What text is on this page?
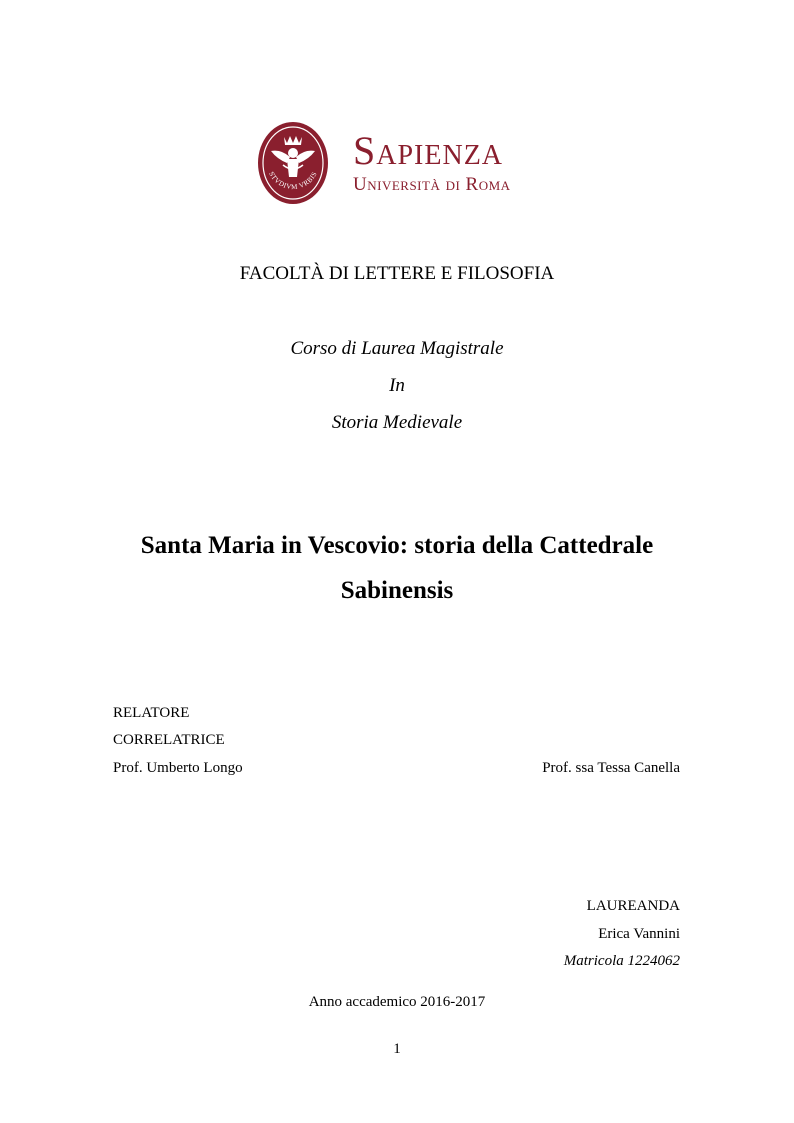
STVDIVM VRBIS
Sapienza
Università di Roma
FACOLTÀ DI LETTERE E FILOSOFIA
Corso di Laurea Magistrale
In
Storia Medievale
Santa Maria in Vescovio: storia della Cattedrale
Sabinensis
RELATORE
CORRELATRICE
Prof. Umberto Longo	Prof. ssa Tessa Canella
LAUREANDA
Erica Vannini
Matricola 1224062
Anno accademico 2016-2017
1
